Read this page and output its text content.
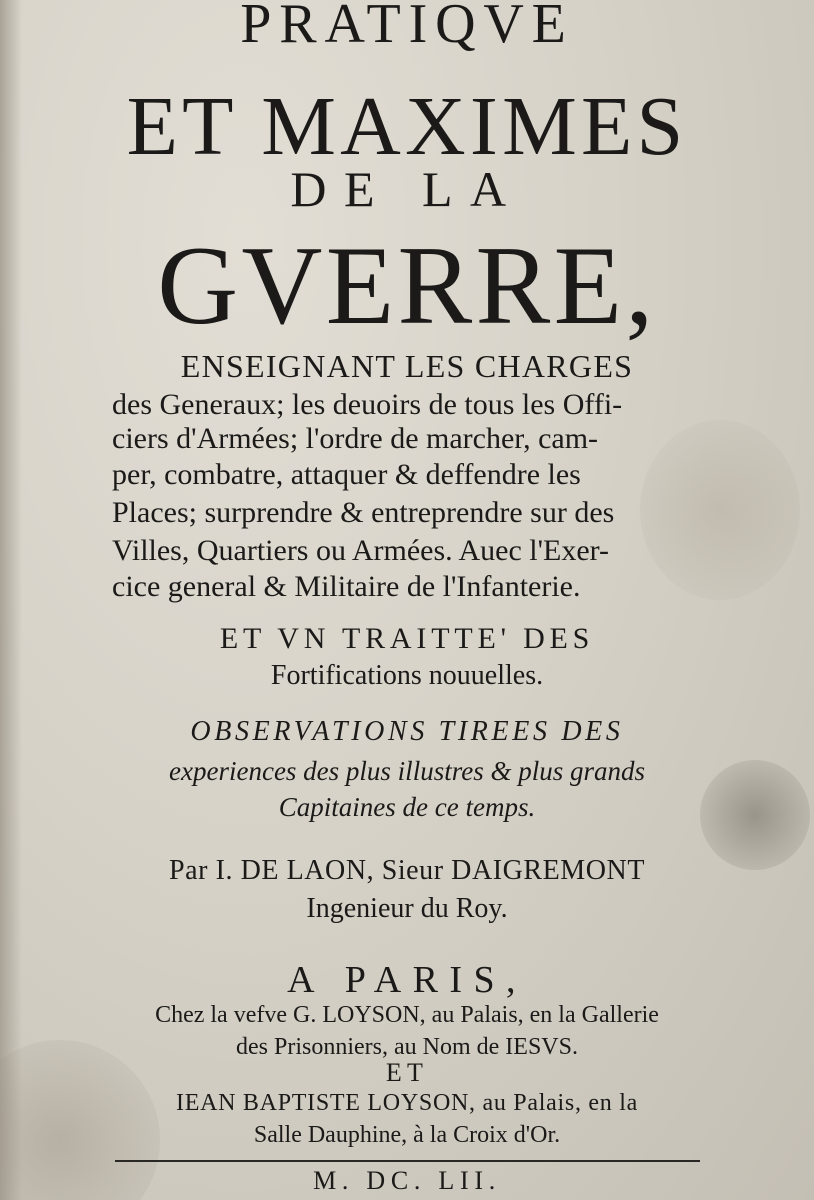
PRATIQVE
ET MAXIMES
DE LA
GVERRE,
ENSEIGNANT LES CHARGES
des Generaux; les deuoirs de tous les Offi-
ciers d'Armées; l'ordre de marcher, cam-
per, combatre, attaquer & deffendre les
Places; surprendre & entreprendre sur des
Villes, Quartiers ou Armées. Auec l'Exer-
cice general & Militaire de l'Infanterie.
ET VN TRAITTE' DES
Fortifications nouuelles.
OBSERVATIONS TIREES DES
experiences des plus illustres & plus grands
Capitaines de ce temps.
Par I. DE LAON, Sieur DAIGREMONT
Ingenieur du Roy.
A PARIS,
Chez la vefve G. LOYSON, au Palais, en la Gallerie
des Prisonniers, au Nom de IESVS.
ET
IEAN BAPTISTE LOYSON, au Palais, en la
Salle Dauphine, à la Croix d'Or.
M. DC. LII.
